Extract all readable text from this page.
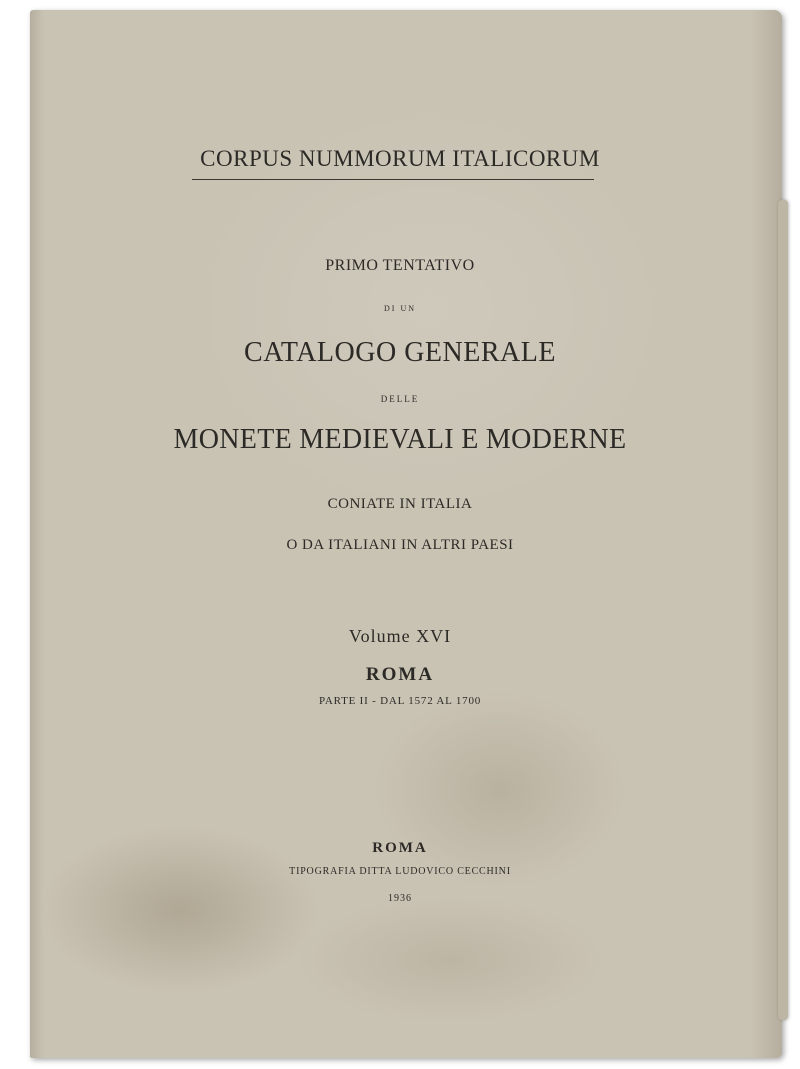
CORPUS NUMMORUM ITALICORUM
PRIMO TENTATIVO
DI UN
CATALOGO GENERALE
DELLE
MONETE MEDIEVALI E MODERNE
CONIATE IN ITALIA
O DA ITALIANI IN ALTRI PAESI
Volume XVI
ROMA
PARTE II - DAL 1572 AL 1700
ROMA
TIPOGRAFIA DITTA LUDOVICO CECCHINI
1936
